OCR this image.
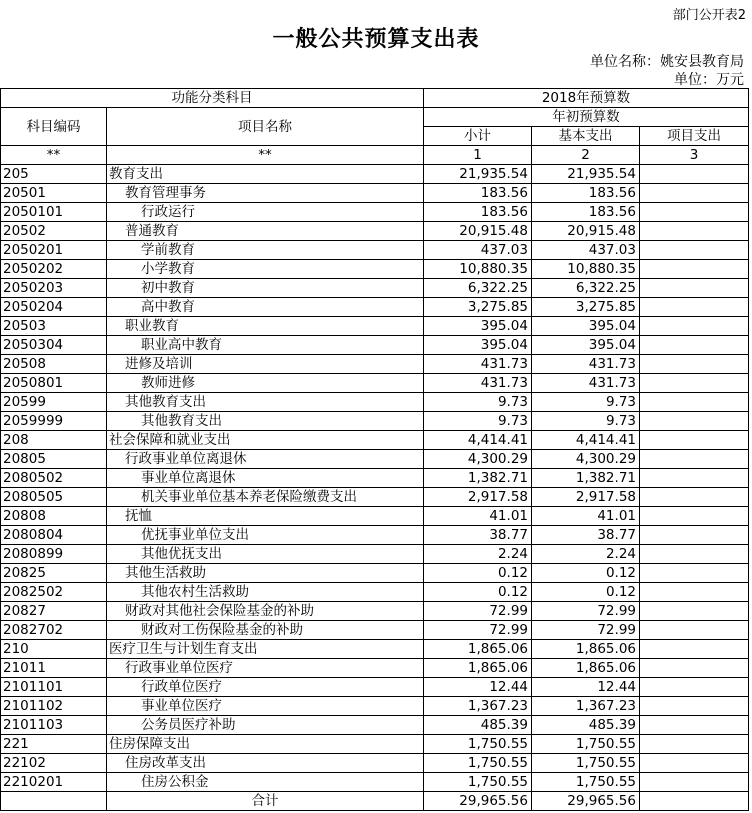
部门公开表2
一般公共预算支出表
单位名称：姚安县教育局
单位：万元
功能分类科目		2018年预算数		
科目编码	项目名称	年初预算数		
		小计	基本支出	项目支出
**	**	1	2	3
205	教育支出	21,935.54	21,935.54	
20501	教育管理事务	183.56	183.56	
2050101	行政运行	183.56	183.56	
20502	普通教育	20,915.48	20,915.48	
2050201	学前教育	437.03	437.03	
2050202	小学教育	10,880.35	10,880.35	
2050203	初中教育	6,322.25	6,322.25	
2050204	高中教育	3,275.85	3,275.85	
20503	职业教育	395.04	395.04	
2050304	职业高中教育	395.04	395.04	
20508	进修及培训	431.73	431.73	
2050801	教师进修	431.73	431.73	
20599	其他教育支出	9.73	9.73	
2059999	其他教育支出	9.73	9.73	
208	社会保障和就业支出	4,414.41	4,414.41	
20805	行政事业单位离退休	4,300.29	4,300.29	
2080502	事业单位离退休	1,382.71	1,382.71	
2080505	机关事业单位基本养老保险缴费支出	2,917.58	2,917.58	
20808	抚恤	41.01	41.01	
2080804	优抚事业单位支出	38.77	38.77	
2080899	其他优抚支出	2.24	2.24	
20825	其他生活救助	0.12	0.12	
2082502	其他农村生活救助	0.12	0.12	
20827	财政对其他社会保险基金的补助	72.99	72.99	
2082702	财政对工伤保险基金的补助	72.99	72.99	
210	医疗卫生与计划生育支出	1,865.06	1,865.06	
21011	行政事业单位医疗	1,865.06	1,865.06	
2101101	行政单位医疗	12.44	12.44	
2101102	事业单位医疗	1,367.23	1,367.23	
2101103	公务员医疗补助	485.39	485.39	
221	住房保障支出	1,750.55	1,750.55	
22102	住房改革支出	1,750.55	1,750.55	
2210201	住房公积金	1,750.55	1,750.55	
	合计	29,965.56	29,965.56	
